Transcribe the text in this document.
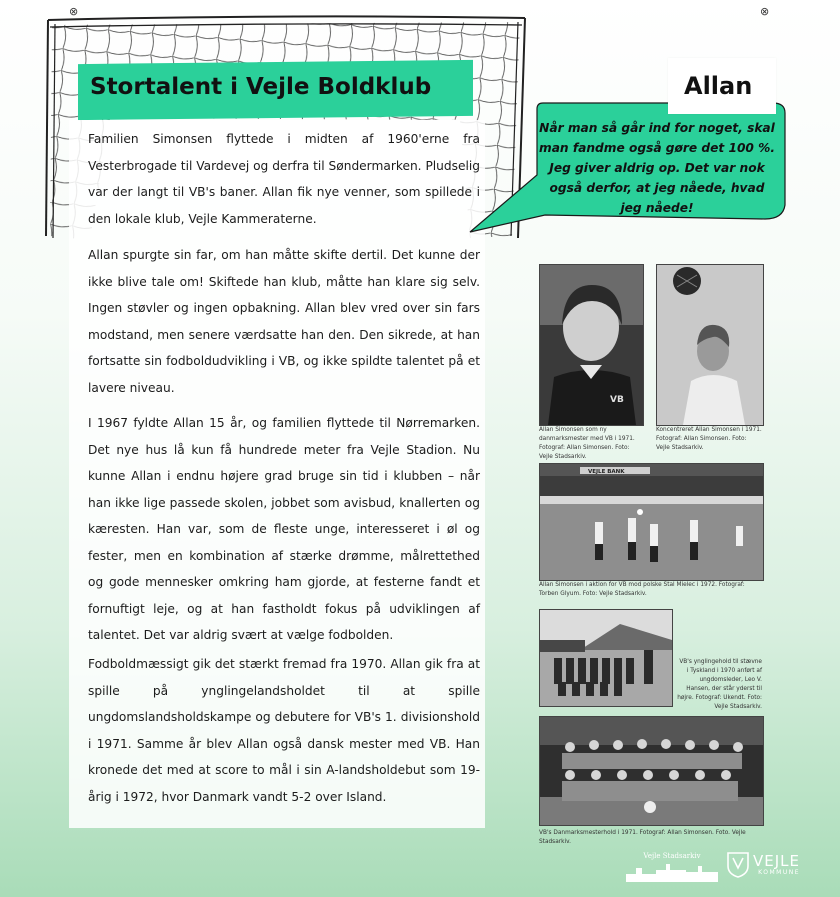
⊗	⊗
Stortalent i Vejle Boldklub

Familien Simonsen flyttede i midten af 1960'erne fra Vesterbrogade til Vardevej og derfra til Søndermarken. Pludselig var der langt til VB's baner. Allan fik nye venner, som spillede i den lokale klub, Vejle Kammeraterne.

Allan spurgte sin far, om han måtte skifte dertil. Det kunne der ikke blive tale om! Skiftede han klub, måtte han klare sig selv. Ingen støvler og ingen opbakning. Allan blev vred over sin fars modstand, men senere værdsatte han den. Den sikrede, at han fortsatte sin fodboldudvikling i VB, og ikke spildte talentet på et lavere niveau.

I 1967 fyldte Allan 15 år, og familien flyttede til Nørremarken. Det nye hus lå kun få hundrede meter fra Vejle Stadion. Nu kunne Allan i endnu højere grad bruge sin tid i klubben – når han ikke lige passede skolen, jobbet som avisbud, knallerten og kæresten. Han var, som de fleste unge, interesseret i øl og fester, men en kombination af stærke drømme, målrettethed og gode mennesker omkring ham gjorde, at festerne fandt et fornuftigt leje, og at han fastholdt fokus på udviklingen af talentet. Det var aldrig svært at vælge fodbolden.

Fodboldmæssigt gik det stærkt fremad fra 1970. Allan gik fra at spille på ynglingelandsholdet til at spille ungdomslandsholdskampe og debutere for VB's 1. divisionshold i 1971. Samme år blev Allan også dansk mester med VB. Han kronede det med at score to mål i sin A-landsholdebut som 19-årig i 1972, hvor Danmark vandt 5-2 over Island.

Allan

Når man så går ind for noget, skal man fandme også gøre det 100 %. Jeg giver aldrig op. Det var nok også derfor, at jeg nåede, hvad jeg nåede!

VB

Allan Simonsen som ny danmarksmester med VB i 1971. Fotograf: Allan Simonsen. Foto: Vejle Stadsarkiv.

Koncentreret Allan Simonsen i 1971. Fotograf: Allan Simonsen. Foto: Vejle Stadsarkiv.

VEJLE BANK

Allan Simonsen i aktion for VB mod polske Stal Mielec i 1972. Fotograf: Torben Glyum. Foto: Vejle Stadsarkiv.

VB's ynglingehold til stævne i Tyskland i 1970 anført af ungdomsleder, Leo V. Hansen, der står yderst til højre. Fotograf: Ukendt. Foto: Vejle Stadsarkiv.

VB's Danmarksmesterhold i 1971. Fotograf: Allan Simonsen. Foto. Vejle Stadsarkiv.

Vejle Stadsarkiv	VEJLE
KOMMUNE
